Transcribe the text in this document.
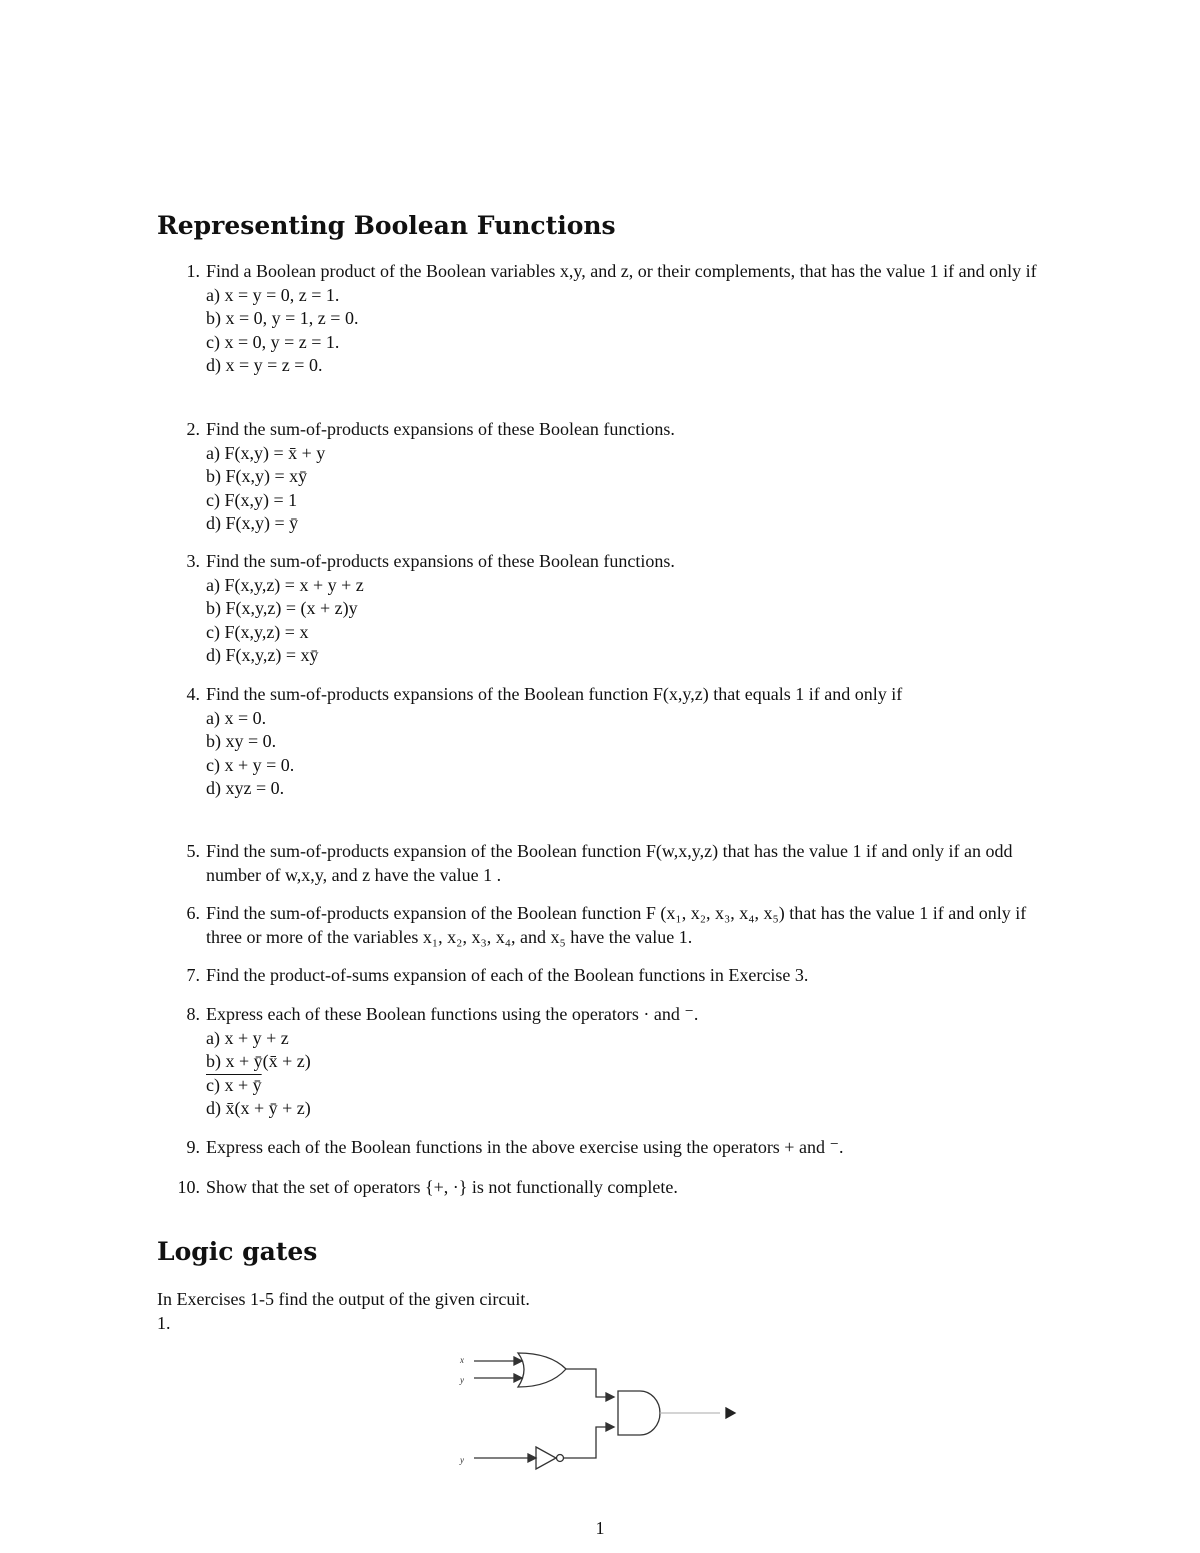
Representing Boolean Functions
1. Find a Boolean product of the Boolean variables x,y, and z, or their complements, that has the value 1 if and only if
a) x = y = 0, z = 1.
b) x = 0, y = 1, z = 0.
c) x = 0, y = z = 1.
d) x = y = z = 0.
2. Find the sum-of-products expansions of these Boolean functions.
a) F(x,y) = x̄ + y
b) F(x,y) = xȳ
c) F(x,y) = 1
d) F(x,y) = ȳ
3. Find the sum-of-products expansions of these Boolean functions.
a) F(x,y,z) = x + y + z
b) F(x,y,z) = (x + z)y
c) F(x,y,z) = x
d) F(x,y,z) = xȳ
4. Find the sum-of-products expansions of the Boolean function F(x,y,z) that equals 1 if and only if
a) x = 0.
b) xy = 0.
c) x + y = 0.
d) xyz = 0.
5. Find the sum-of-products expansion of the Boolean function F(w,x,y,z) that has the value 1 if and only if an odd number of w,x,y, and z have the value 1 .
6. Find the sum-of-products expansion of the Boolean function F (x₁, x₂, x₃, x₄, x₅) that has the value 1 if and only if three or more of the variables x₁, x₂, x₃, x₄, and x₅ have the value 1.
7. Find the product-of-sums expansion of each of the Boolean functions in Exercise 3.
8. Express each of these Boolean functions using the operators · and ⁻.
a) x + y + z
b) x + ȳ(x̄ + z)
c) x + ȳ
d) x̄(x + ȳ + z)
9. Express each of the Boolean functions in the above exercise using the operators + and ⁻.
10. Show that the set of operators {+, ·} is not functionally complete.
Logic gates
In Exercises 1-5 find the output of the given circuit.
1.
x
y
y
1
